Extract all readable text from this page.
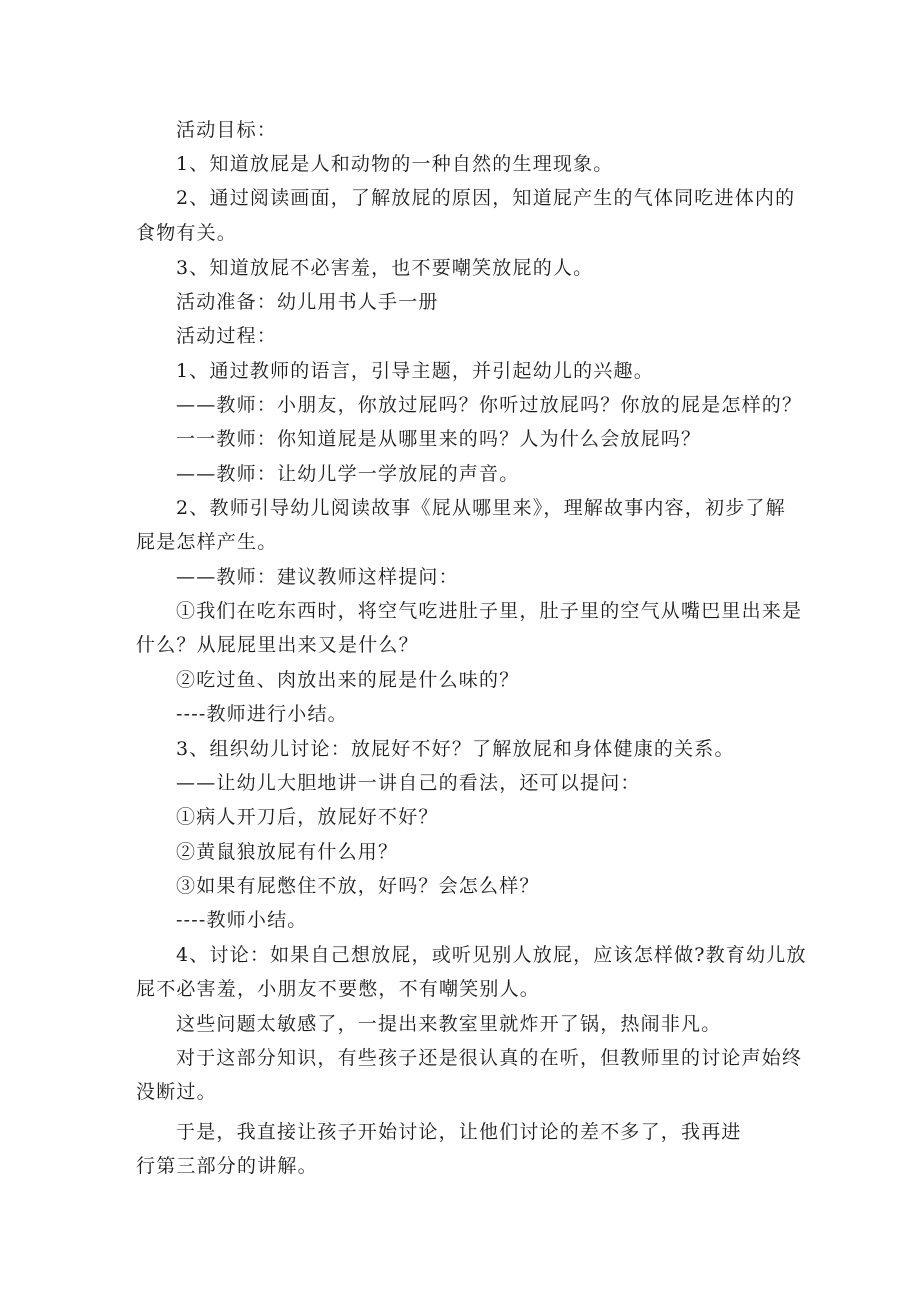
活动目标：
1、知道放屁是人和动物的一种自然的生理现象。
2、通过阅读画面，了解放屁的原因，知道屁产生的气体同吃进体内的
食物有关。
3、知道放屁不必害羞，也不要嘲笑放屁的人。
活动准备：幼儿用书人手一册
活动过程：
1、通过教师的语言，引导主题，并引起幼儿的兴趣。
——教师：小朋友，你放过屁吗？你听过放屁吗？你放的屁是怎样的？
一一教师：你知道屁是从哪里来的吗？人为什么会放屁吗？
——教师：让幼儿学一学放屁的声音。
2、教师引导幼儿阅读故事《屁从哪里来》，理解故事内容，初步了解
屁是怎样产生。
——教师：建议教师这样提问：
①我们在吃东西时，将空气吃进肚子里，肚子里的空气从嘴巴里出来是
什么？从屁屁里出来又是什么？
②吃过鱼、肉放出来的屁是什么味的？
----教师进行小结。
3、组织幼儿讨论：放屁好不好？了解放屁和身体健康的关系。
——让幼儿大胆地讲一讲自己的看法，还可以提问：
①病人开刀后，放屁好不好？
②黄鼠狼放屁有什么用？
③如果有屁憋住不放，好吗？会怎么样？
----教师小结。
4、讨论：如果自己想放屁，或听见别人放屁，应该怎样做?教育幼儿放
屁不必害羞，小朋友不要憋，不有嘲笑别人。
这些问题太敏感了，一提出来教室里就炸开了锅，热闹非凡。
对于这部分知识，有些孩子还是很认真的在听，但教师里的讨论声始终
没断过。
于是，我直接让孩子开始讨论，让他们讨论的差不多了，我再进
行第三部分的讲解。
